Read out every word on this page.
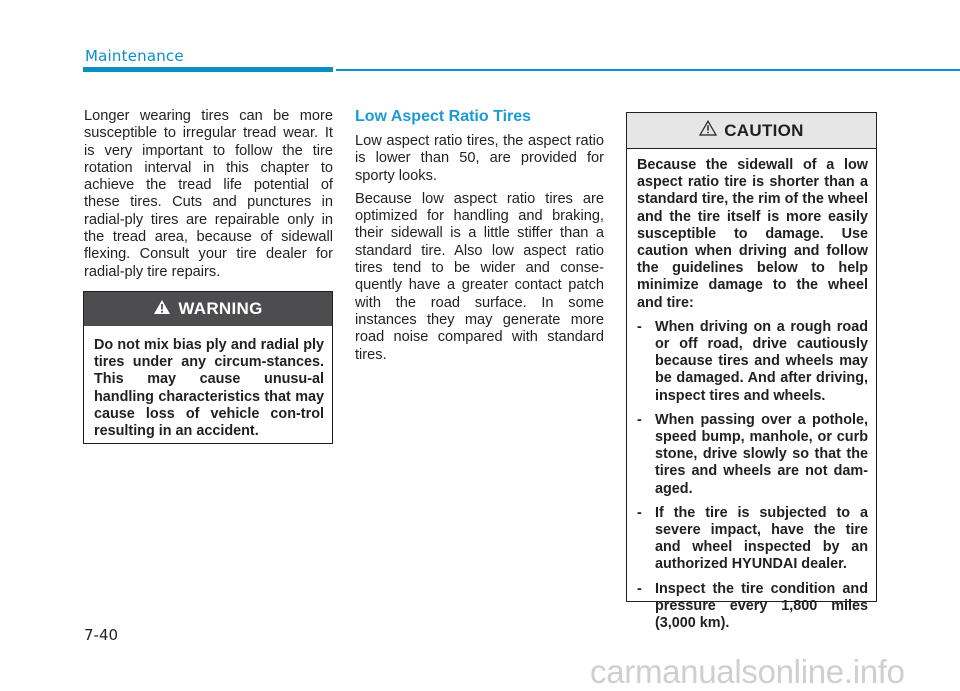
Maintenance

Longer wearing tires can be more susceptible to irregular tread wear. It is very important to follow the tire rotation interval in this chapter to achieve the tread life potential of these tires. Cuts and punctures in radial-ply tires are repairable only in the tread area, because of sidewall flexing. Consult your tire dealer for radial-ply tire repairs.

WARNING
Do not mix bias ply and radial ply tires under any circum-stances. This may cause unusu-al handling characteristics that may cause loss of vehicle con-trol resulting in an accident.
Low Aspect Ratio Tires

Low aspect ratio tires, the aspect ratio is lower than 50, are provided for sporty looks.

Because low aspect ratio tires are optimized for handling and braking, their sidewall is a little stiffer than a standard tire. Also low aspect ratio tires tend to be wider and conse-quently have a greater contact patch with the road surface. In some instances they may generate more road noise compared with standard tires.

CAUTION

Because the sidewall of a low aspect ratio tire is shorter than a standard tire, the rim of the wheel and the tire itself is more easily susceptible to damage. Use caution when driving and follow the guidelines below to help minimize damage to the wheel and tire:

- When driving on a rough road or off road, drive cautiously because tires and wheels may be damaged. And after driving, inspect tires and wheels.
- When passing over a pothole, speed bump, manhole, or curb stone, drive slowly so that the tires and wheels are not dam-aged.
- If the tire is subjected to a severe impact, have the tire and wheel inspected by an authorized HYUNDAI dealer.
- Inspect the tire condition and pressure every 1,800 miles (3,000 km).
7-40
carmanualsonline.info
